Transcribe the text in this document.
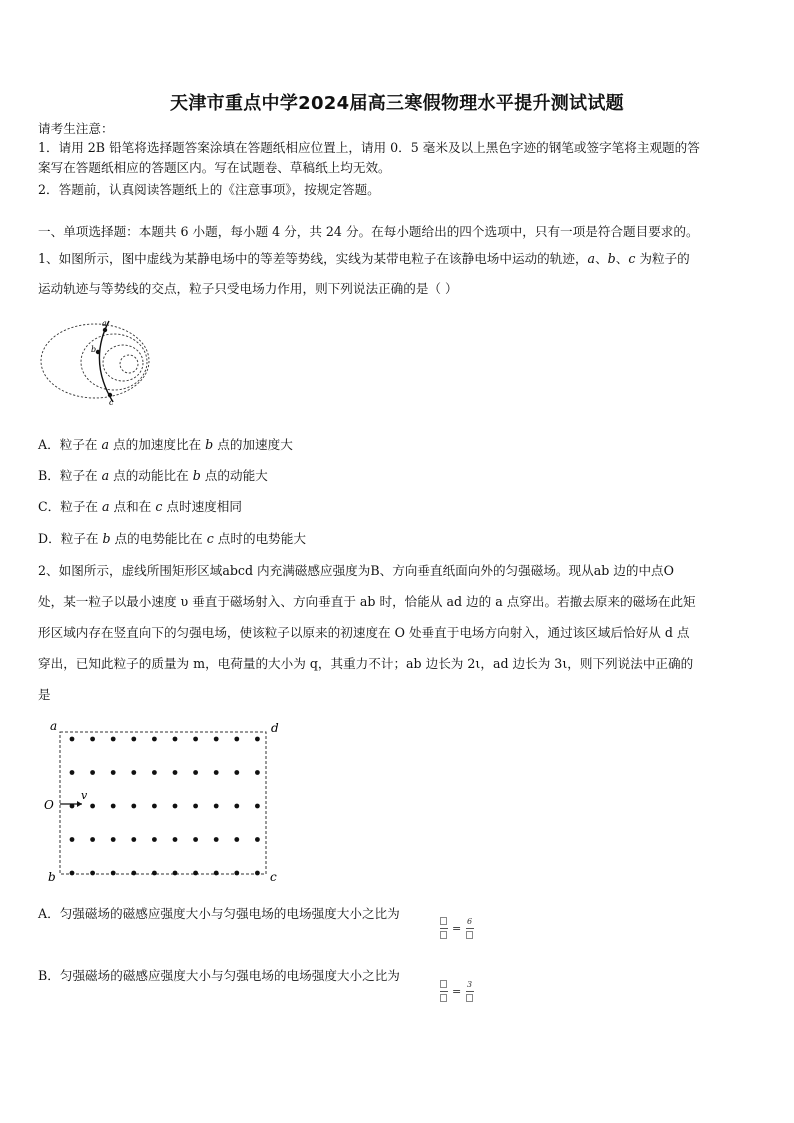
天津市重点中学2024届高三寒假物理水平提升测试试题
请考生注意：
1．请用 2B 铅笔将选择题答案涂填在答题纸相应位置上，请用 0．5 毫米及以上黑色字迹的钢笔或签字笔将主观题的答
案写在答题纸相应的答题区内。写在试题卷、草稿纸上均无效。
2．答题前，认真阅读答题纸上的《注意事项》，按规定答题。
一、单项选择题：本题共 6 小题，每小题 4 分，共 24 分。在每小题给出的四个选项中，只有一项是符合题目要求的。
1、如图所示，图中虚线为某静电场中的等差等势线，实线为某带电粒子在该静电场中运动的轨迹，a、b、c 为粒子的
运动轨迹与等势线的交点，粒子只受电场力作用，则下列说法正确的是（ ）
a
b
c
A．粒子在 a 点的加速度比在 b 点的加速度大
B．粒子在 a 点的动能比在 b 点的动能大
C．粒子在 a 点和在 c 点时速度相同
D．粒子在 b 点的电势能比在 c 点时的电势能大
2、如图所示，虚线所围矩形区域abcd 内充满磁感应强度为B、方向垂直纸面向外的匀强磁场。现从ab 边的中点O
处，某一粒子以最小速度 υ 垂直于磁场射入、方向垂直于 ab 时，恰能从 ad 边的 a 点穿出。若撤去原来的磁场在此矩
形区域内存在竖直向下的匀强电场，使该粒子以原来的初速度在 O 处垂直于电场方向射入，通过该区域后恰好从 d 点
穿出，已知此粒子的质量为 m，电荷量的大小为 q，其重力不计；ab 边长为 2ι，ad 边长为 3ι，则下列说法中正确的
是
a	d
O
v
b	c
A．匀强磁场的磁感应强度大小与匀强电场的电场强度大小之比为
=
6
B．匀强磁场的磁感应强度大小与匀强电场的电场强度大小之比为
=
3
